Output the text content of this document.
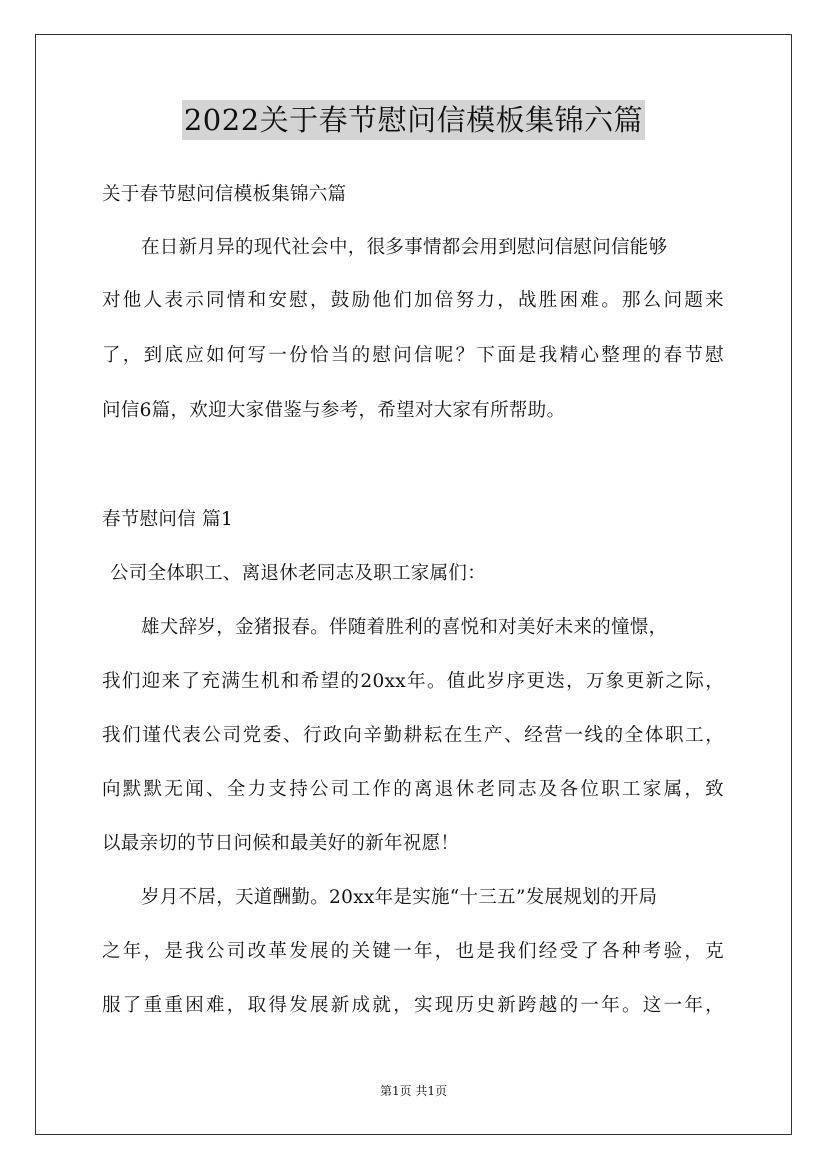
2022关于春节慰问信模板集锦六篇
关于春节慰问信模板集锦六篇
在日新月异的现代社会中，很多事情都会用到慰问信慰问信能够
对他人表示同情和安慰，鼓励他们加倍努力，战胜困难。那么问题来
了，到底应如何写一份恰当的慰问信呢？下面是我精心整理的春节慰
问信6篇，欢迎大家借鉴与参考，希望对大家有所帮助。
春节慰问信 篇1
公司全体职工、离退休老同志及职工家属们：
雄犬辞岁，金猪报春。伴随着胜利的喜悦和对美好未来的憧憬，
我们迎来了充满生机和希望的20xx年。值此岁序更迭，万象更新之际，
我们谨代表公司党委、行政向辛勤耕耘在生产、经营一线的全体职工，
向默默无闻、全力支持公司工作的离退休老同志及各位职工家属，致
以最亲切的节日问候和最美好的新年祝愿！
岁月不居，天道酬勤。20xx年是实施“十三五”发展规划的开局
之年，是我公司改革发展的关键一年，也是我们经受了各种考验，克
服了重重困难，取得发展新成就，实现历史新跨越的一年。这一年，
第1页 共1页
